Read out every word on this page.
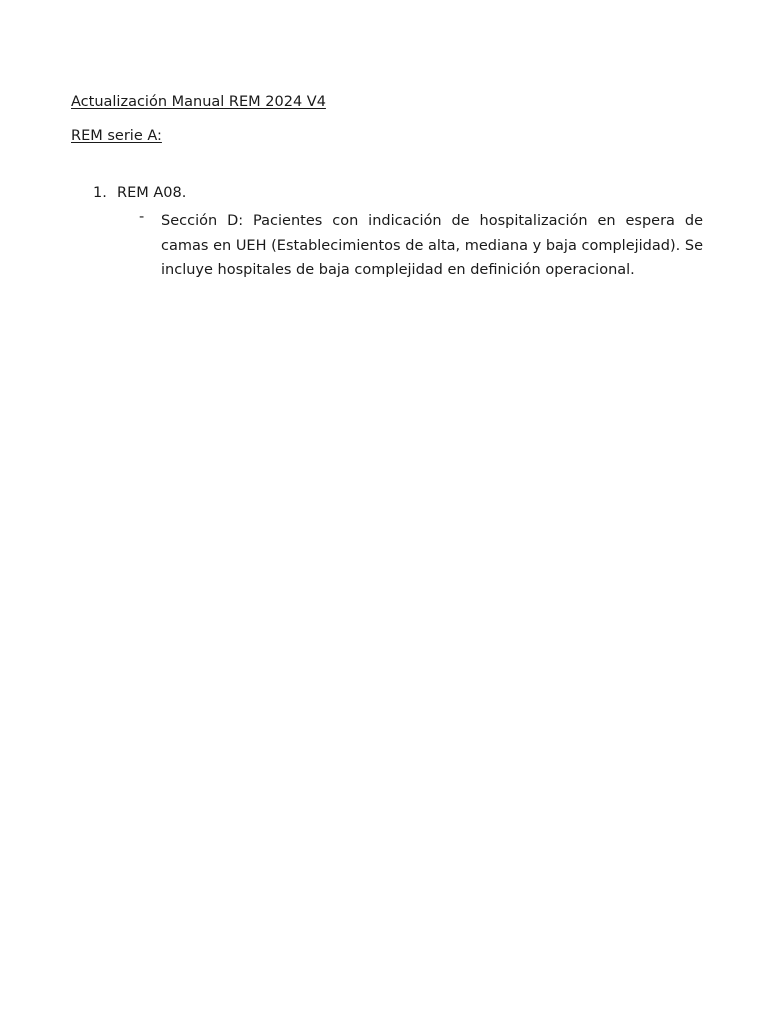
Actualización Manual REM 2024 V4
REM serie A:
1. REM A08.
- Sección D: Pacientes con indicación de hospitalización en espera de camas en UEH (Establecimientos de alta, mediana y baja complejidad). Se incluye hospitales de baja complejidad en definición operacional.
